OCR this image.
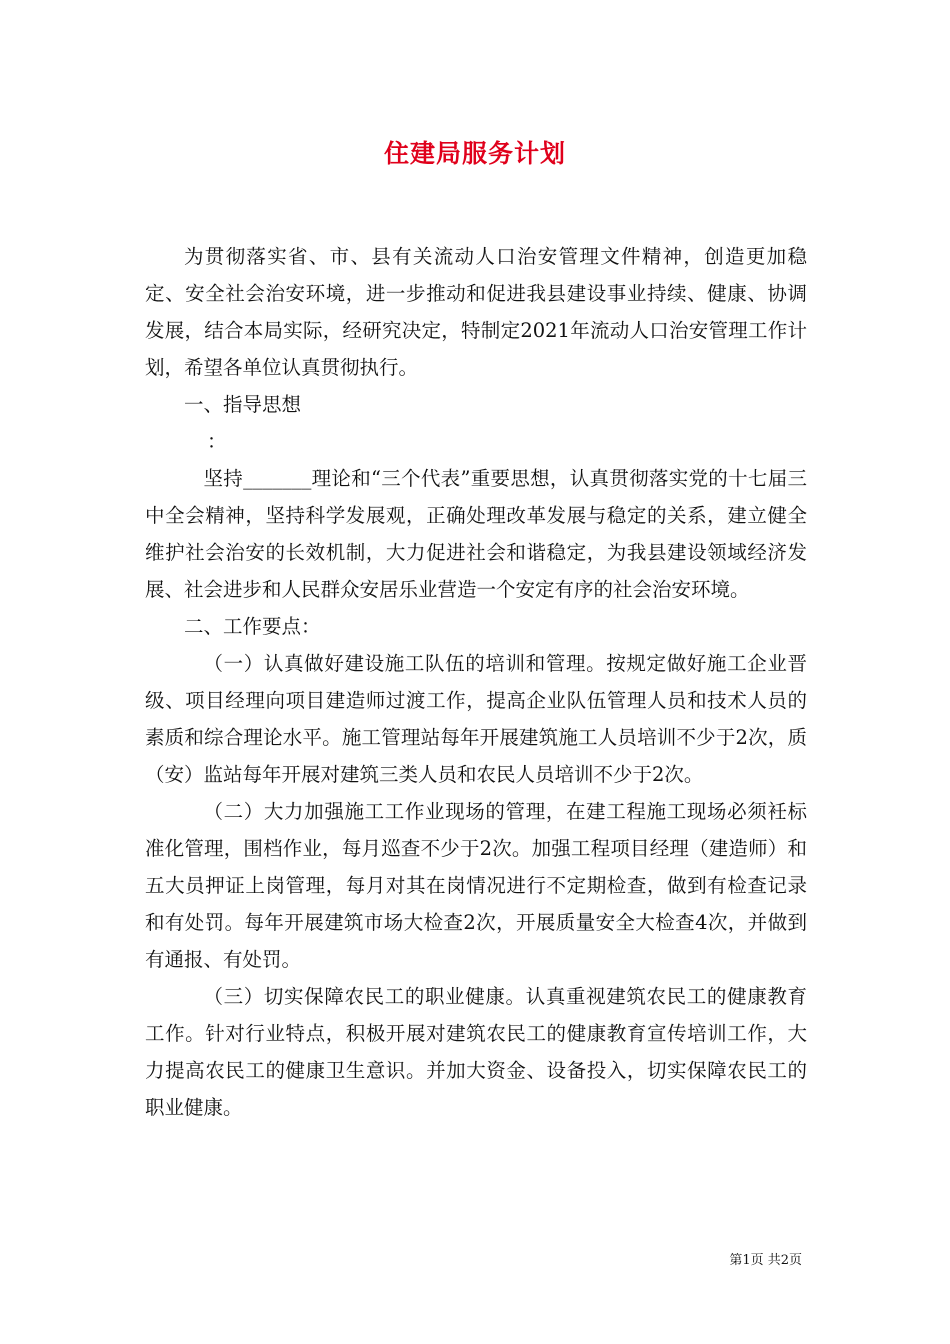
住建局服务计划

为贯彻落实省、市、县有关流动人口治安管理文件精神，创造更加稳定、安全社会治安环境，进一步推动和促进我县建设事业持续、健康、协调发展，结合本局实际，经研究决定，特制定2021年流动人口治安管理工作计划，希望各单位认真贯彻执行。

一、指导思想

：

坚持_______理论和“三个代表”重要思想，认真贯彻落实党的十七届三中全会精神，坚持科学发展观，正确处理改革发展与稳定的关系，建立健全维护社会治安的长效机制，大力促进社会和谐稳定，为我县建设领域经济发展、社会进步和人民群众安居乐业营造一个安定有序的社会治安环境。

二、工作要点：

（一）认真做好建设施工队伍的培训和管理。按规定做好施工企业晋级、项目经理向项目建造师过渡工作，提高企业队伍管理人员和技术人员的素质和综合理论水平。施工管理站每年开展建筑施工人员培训不少于2次，质（安）监站每年开展对建筑三类人员和农民人员培训不少于2次。

（二）大力加强施工工作业现场的管理，在建工程施工现场必须衽标准化管理，围档作业，每月巡查不少于2次。加强工程项目经理（建造师）和五大员押证上岗管理，每月对其在岗情况进行不定期检查，做到有检查记录和有处罚。每年开展建筑市场大检查2次，开展质量安全大检查4次，并做到有通报、有处罚。

（三）切实保障农民工的职业健康。认真重视建筑农民工的健康教育工作。针对行业特点，积极开展对建筑农民工的健康教育宣传培训工作，大力提高农民工的健康卫生意识。并加大资金、设备投入，切实保障农民工的职业健康。

第1页 共2页
